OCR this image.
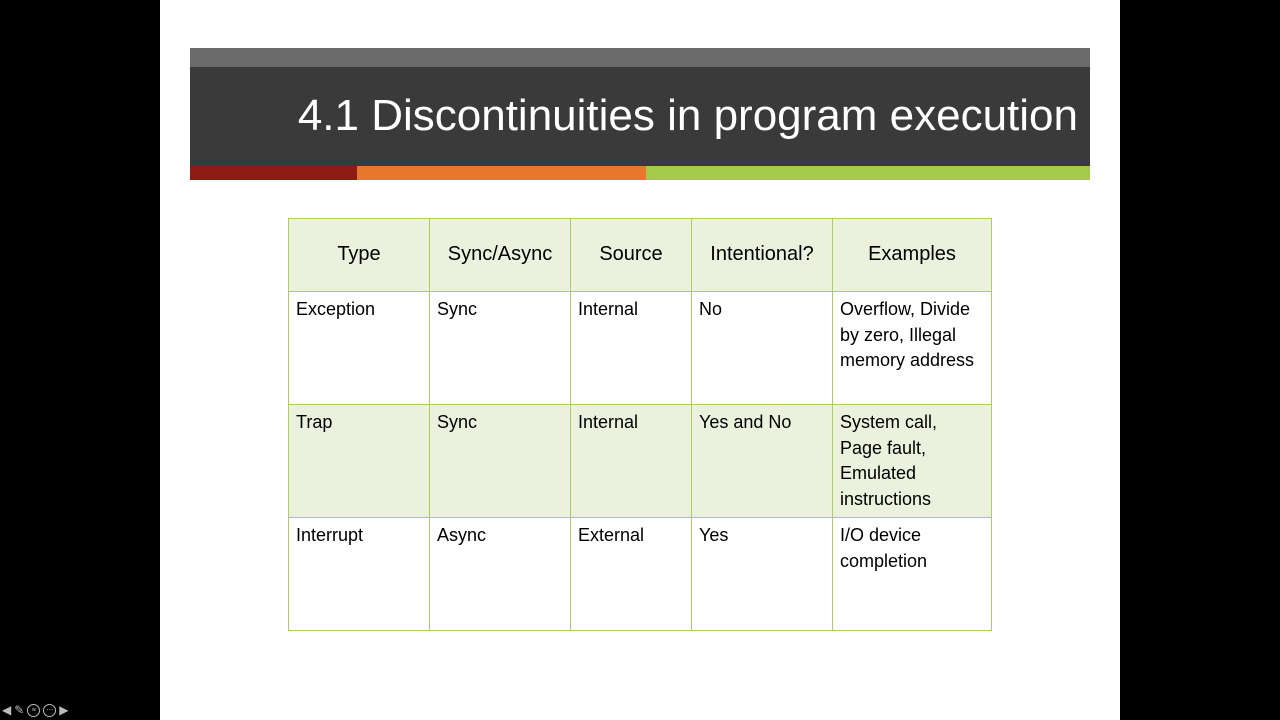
4.1 Discontinuities in program execution
Type	Sync/Async	Source	Intentional?	Examples
Exception	Sync	Internal	No	Overflow, Divide by zero, Illegal memory address
Trap	Sync	Internal	Yes and No	System call, Page fault, Emulated instructions
Interrupt	Async	External	Yes	I/O device completion
◀ ✎	≡	⋯ ▶
